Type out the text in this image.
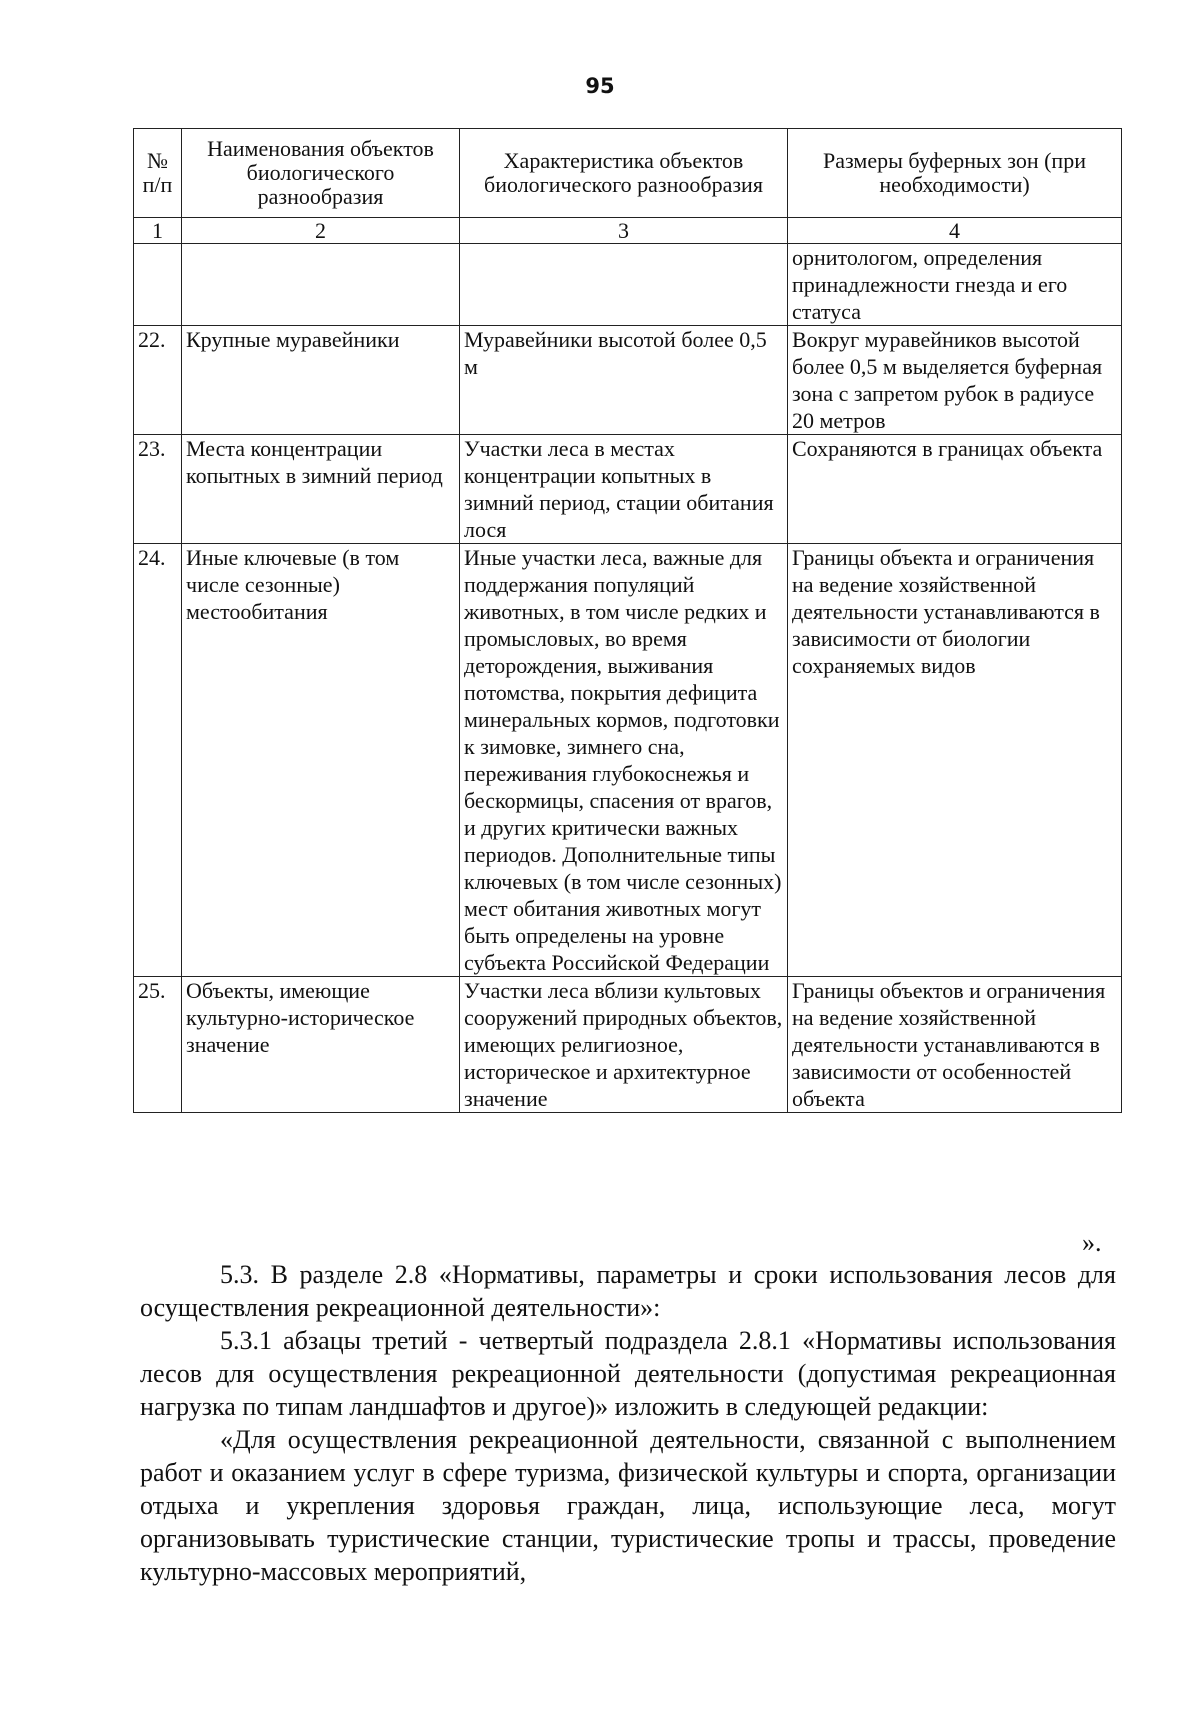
95
№ п/п	Наименования объектов биологического разнообразия	Характеристика объектов биологического разнообразия	Размеры буферных зон (при необходимости)
1	2	3	4
			орнитологом, определения принадлежности гнезда и его статуса
22.	Крупные муравейники	Муравейники высотой более 0,5 м	Вокруг муравейников высотой более 0,5 м выделяется буферная зона с запретом рубок в радиусе 20 метров
23.	Места концентрации копытных в зимний период	Участки леса в местах концентрации копытных в зимний период, стации обитания лося	Сохраняются в границах объекта
24.	Иные ключевые (в том числе сезонные) местообитания	Иные участки леса, важные для поддержания популяций животных, в том числе редких и промысловых, во время деторождения, выживания потомства, покрытия дефицита минеральных кормов, подготовки к зимовке, зимнего сна, переживания глубокоснежья и бескормицы, спасения от врагов, и других критически важных периодов. Дополнительные типы ключевых (в том числе сезонных) мест обитания животных могут быть определены на уровне субъекта Российской Федерации	Границы объекта и ограничения на ведение хозяйственной деятельности устанавливаются в зависимости от биологии сохраняемых видов
25.	Объекты, имеющие культурно-историческое значение	Участки леса вблизи культовых сооружений природных объектов, имеющих религиозное, историческое и архитектурное значение	Границы объектов и ограничения на ведение хозяйственной деятельности устанавливаются в зависимости от особенностей объекта
».

5.3. В разделе 2.8 «Нормативы, параметры и сроки использования лесов для осуществления рекреационной деятельности»:

5.3.1 абзацы третий - четвертый подраздела 2.8.1 «Нормативы использования лесов для осуществления рекреационной деятельности (допустимая рекреационная нагрузка по типам ландшафтов и другое)» изложить в следующей редакции:

«Для осуществления рекреационной деятельности, связанной с выполнением работ и оказанием услуг в сфере туризма, физической культуры и спорта, организации отдыха и укрепления здоровья граждан, лица, использующие леса, могут организовывать туристические станции, туристические тропы и трассы, проведение культурно-массовых мероприятий,
